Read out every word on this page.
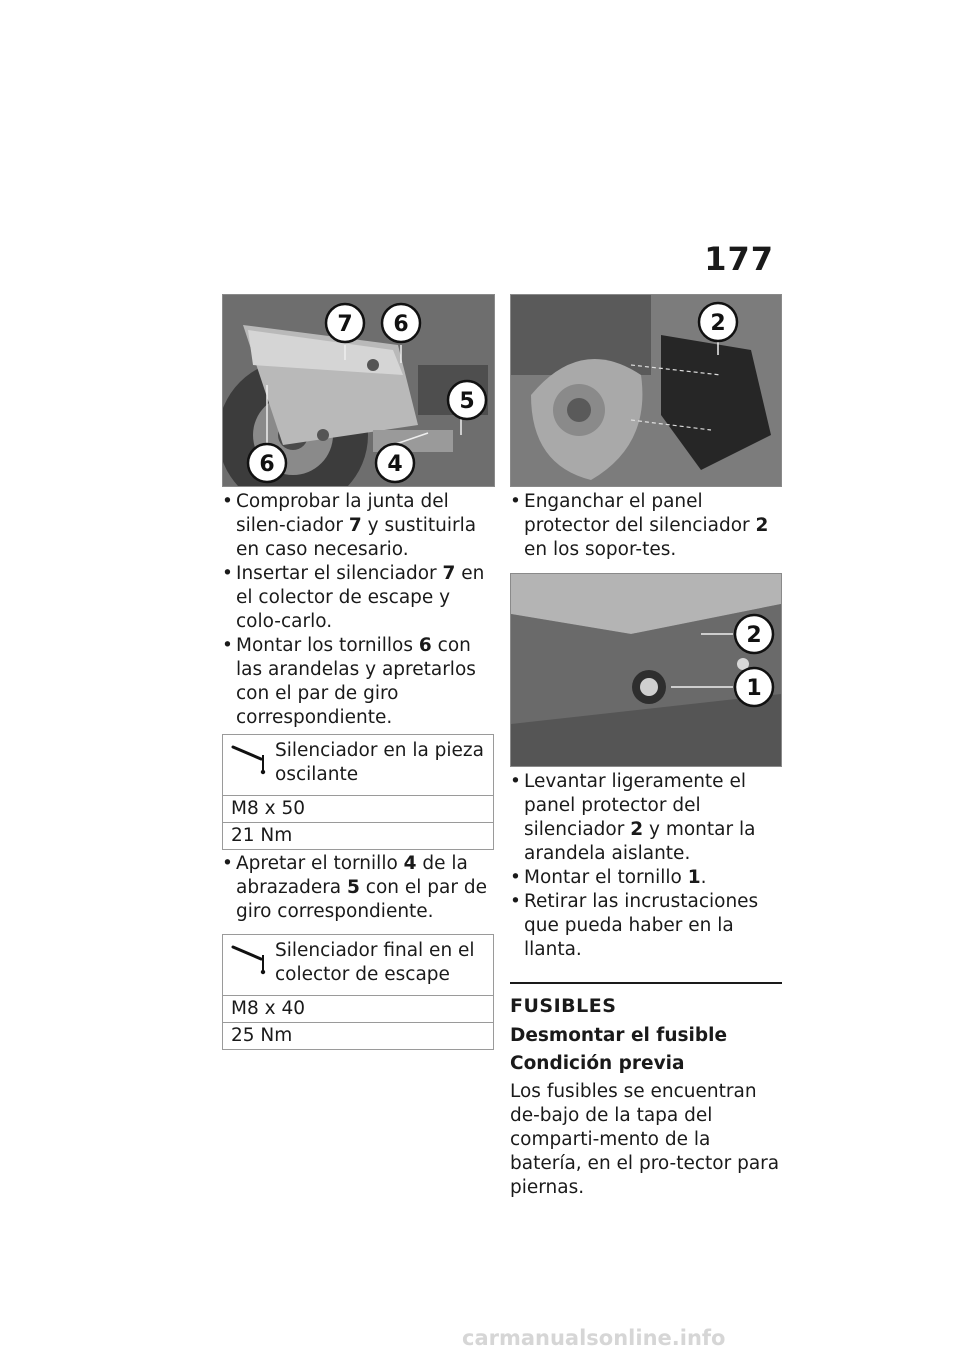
177
7 6
5
6	4
2
2
1

• Comprobar la junta del silen-ciador 7 y sustituirla en caso necesario.

• Insertar el silenciador 7 en el colector de escape y colo-carlo.

• Montar los tornillos 6 con las arandelas y apretarlos con el par de giro correspondiente.

Silenciador en la pieza oscilante
M8 x 50
21 Nm

• Apretar el tornillo 4 de la abrazadera 5 con el par de giro correspondiente.

Silenciador final en el colector de escape
M8 x 40
25 Nm

• Enganchar el panel protector del silenciador 2 en los sopor-tes.

• Levantar ligeramente el panel protector del silenciador 2 y montar la arandela aislante.

• Montar el tornillo 1.

• Retirar las incrustaciones que pueda haber en la llanta.

FUSIBLES
Desmontar el fusible
Condición previa

Los fusibles se encuentran de-bajo de la tapa del comparti-mento de la batería, en el pro-tector para piernas.

carmanualsonline.info
